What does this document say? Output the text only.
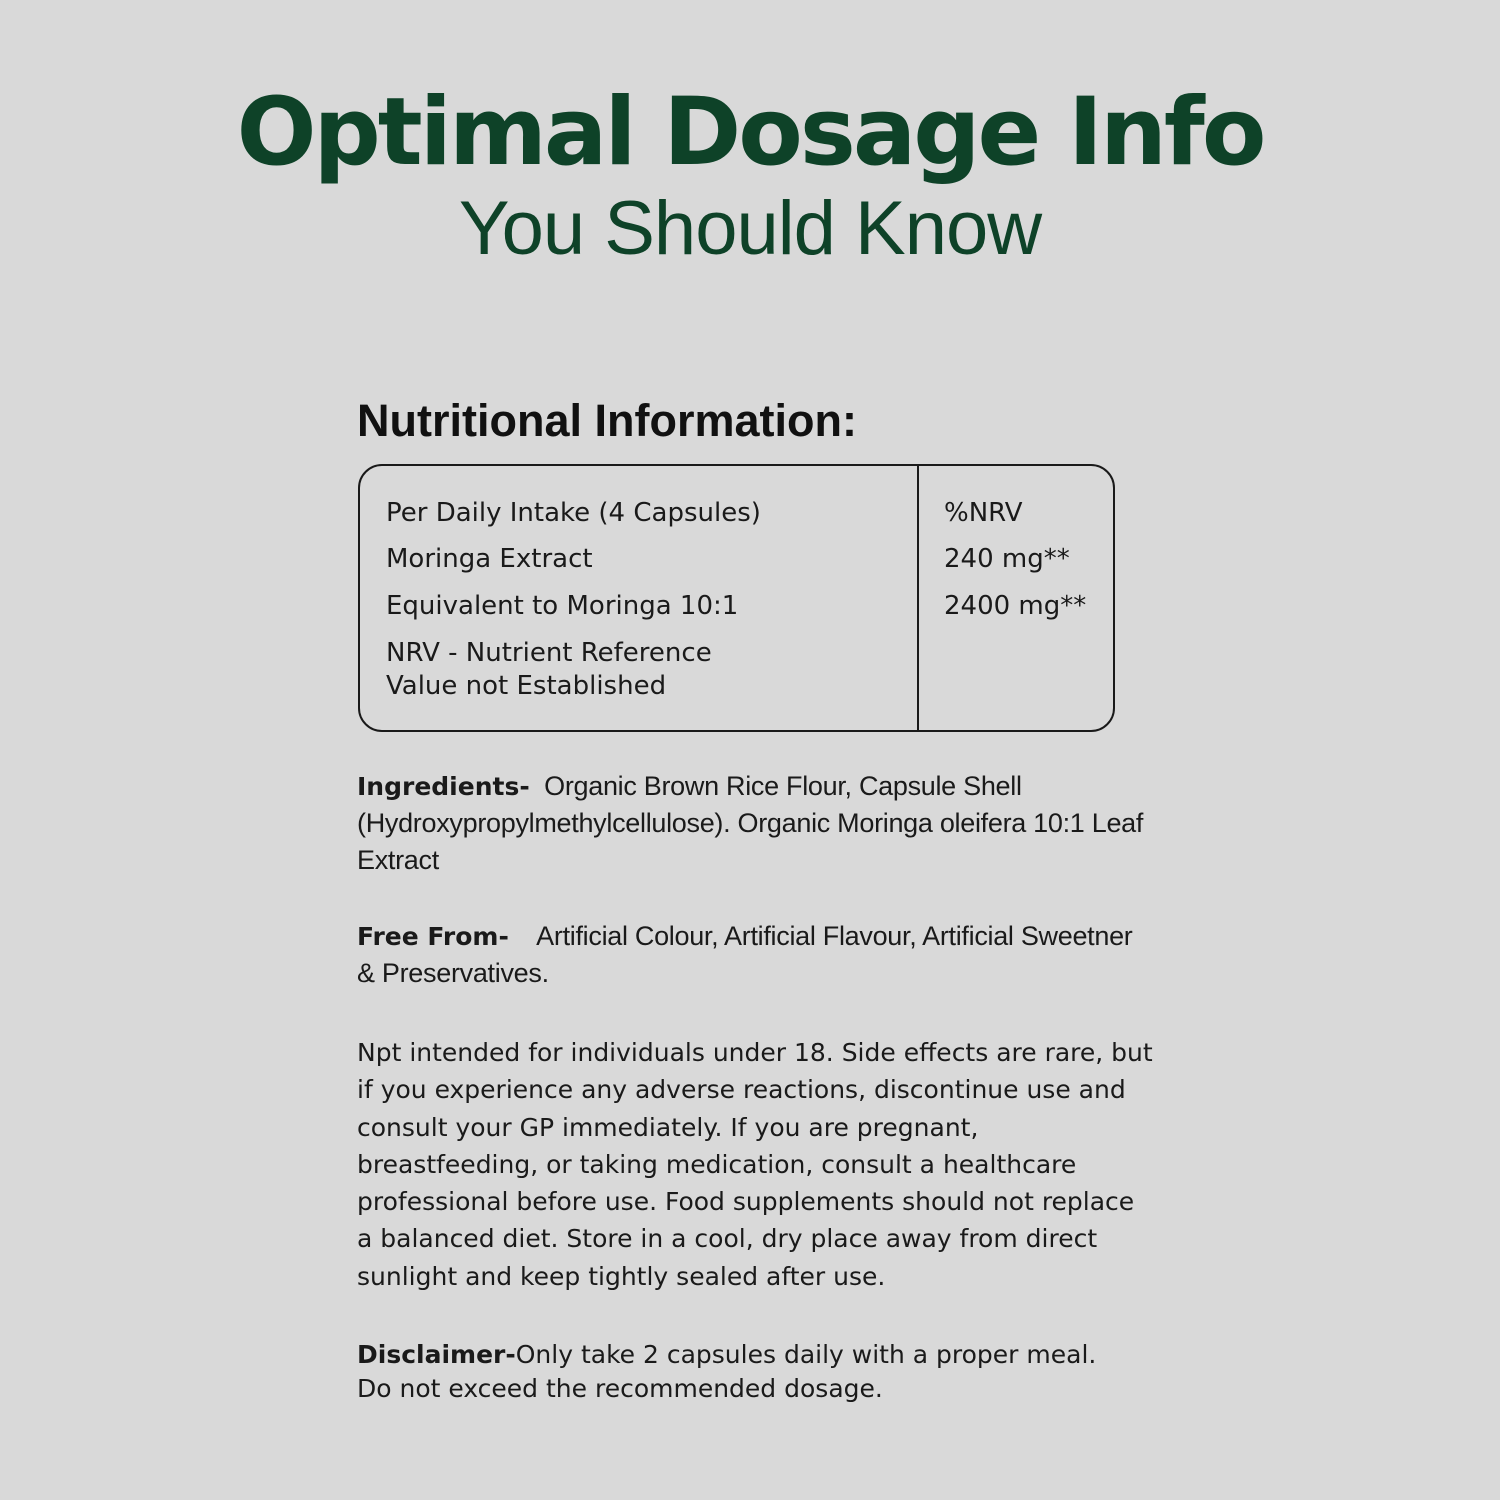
Optimal Dosage Info
You Should Know
Nutritional Information:
Per Daily Intake (4 Capsules)	%NRV
Moringa Extract	240 mg**
Equivalent to Moringa 10:1	2400 mg**
NRV - Nutrient Reference
Value not Established
Ingredients- Organic Brown Rice Flour, Capsule Shell (Hydroxypropylmethylcellulose). Organic Moringa oleifera 10:1 Leaf Extract
Free From- Artificial Colour, Artificial Flavour, Artificial Sweetner & Preservatives.
Npt intended for individuals under 18. Side effects are rare, but if you experience any adverse reactions, discontinue use and consult your GP immediately. If you are pregnant, breastfeeding, or taking medication, consult a healthcare professional before use. Food supplements should not replace a balanced diet. Store in a cool, dry place away from direct sunlight and keep tightly sealed after use.
Disclaimer-Only take 2 capsules daily with a proper meal.
Do not exceed the recommended dosage.
